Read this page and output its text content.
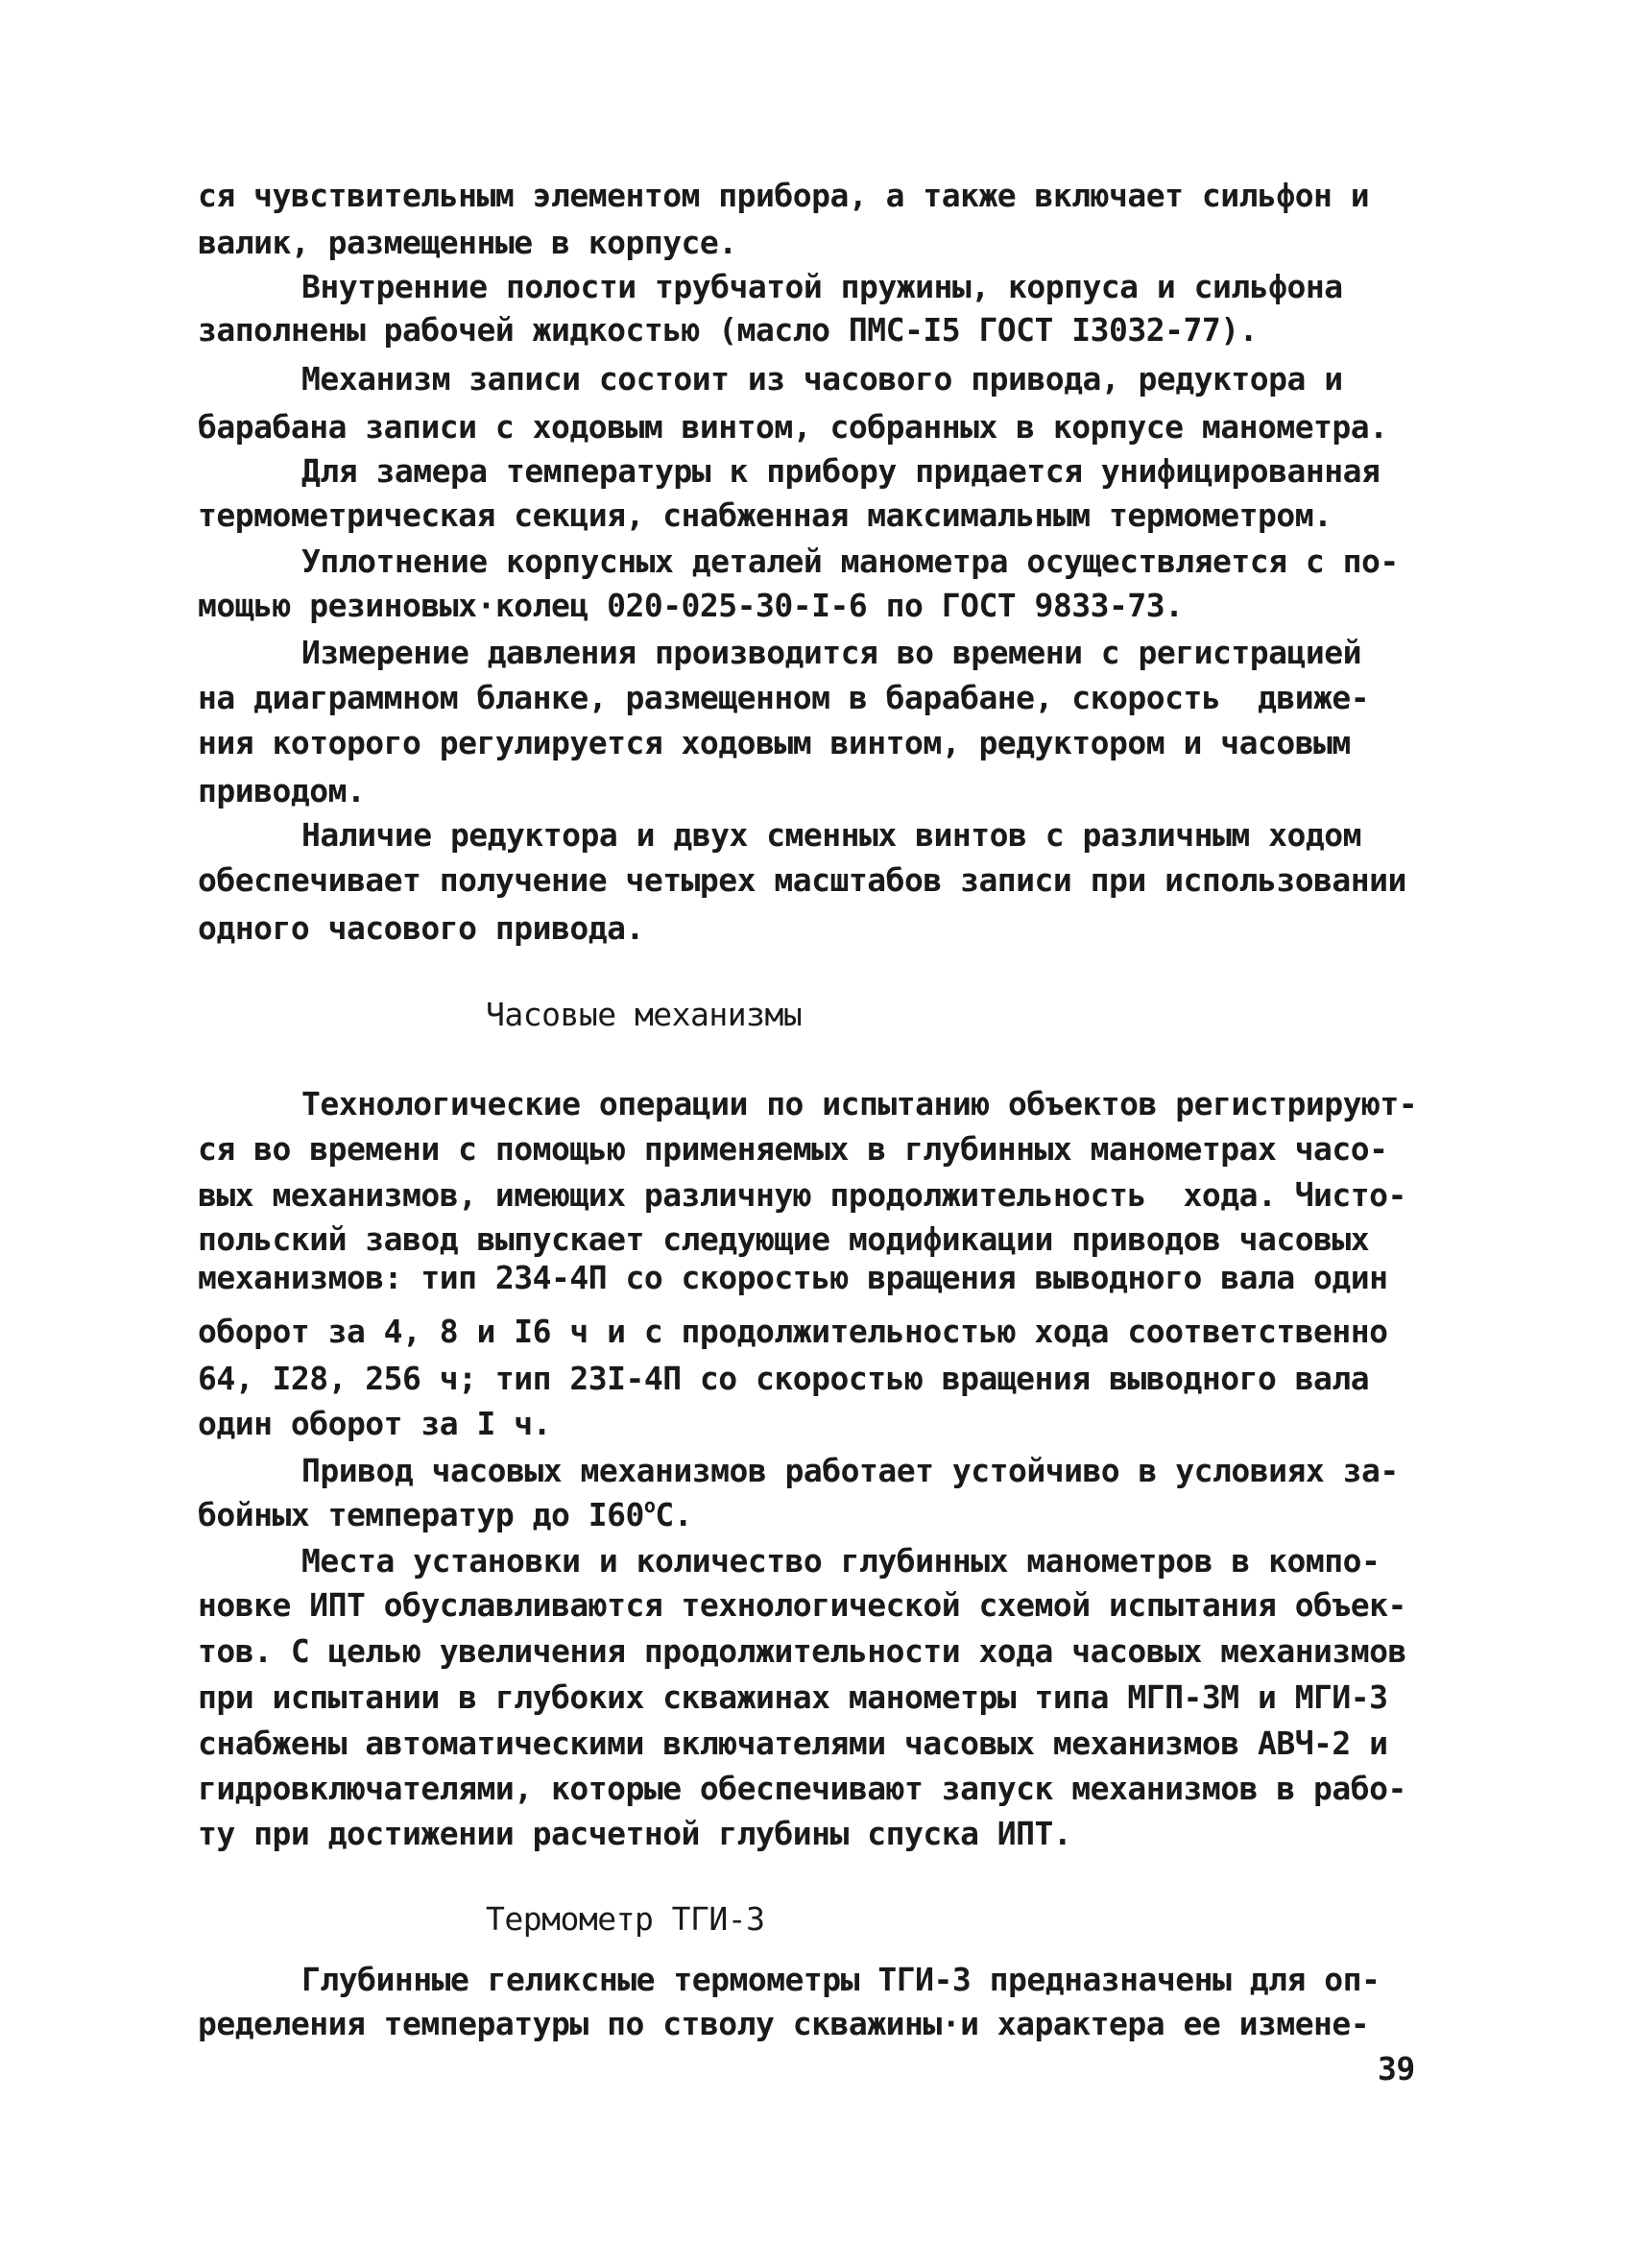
ся чувствительным элементом прибора, а также включает сильфон и
валик, размещенные в корпусе.
Внутренние полости трубчатой пружины, корпуса и сильфона
заполнены рабочей жидкостью (масло ПМС-I5 ГОСТ I3032-77).
Механизм записи состоит из часового привода, редуктора и
барабана записи с ходовым винтом, собранных в корпусе манометра.
Для замера температуры к прибору придается унифицированная
термометрическая секция, снабженная максимальным термометром.
Уплотнение корпусных деталей манометра осуществляется с по-
мощью резиновых·колец 020-025-30-I-6 по ГОСТ 9833-73.
Измерение давления производится во времени с регистрацией
на диаграммном бланке, размещенном в барабане, скорость  движе-
ния которого регулируется ходовым винтом, редуктором и часовым
приводом.
Наличие редуктора и двух сменных винтов с различным ходом
обеспечивает получение четырех масштабов записи при использовании
одного часового привода.
Часовые механизмы
Технологические операции по испытанию объектов регистрируют-
ся во времени с помощью применяемых в глубинных манометрах часо-
вых механизмов, имеющих различную продолжительность  хода. Чисто-
польский завод выпускает следующие модификации приводов часовых
механизмов: тип 234-4П со скоростью вращения выводного вала один
оборот за 4, 8 и I6 ч и с продолжительностью хода соответственно
64, I28, 256 ч; тип 23I-4П со скоростью вращения выводного вала
один оборот за I ч.
Привод часовых механизмов работает устойчиво в условиях за-
бойных температур до I60$^o$C.
Места установки и количество глубинных манометров в компо-
новке ИПТ обуславливаются технологической схемой испытания объек-
тов. С целью увеличения продолжительности хода часовых механизмов
при испытании в глубоких скважинах манометры типа МГП-3М и МГИ-3
снабжены автоматическими включателями часовых механизмов АВЧ-2 и
гидровключателями, которые обеспечивают запуск механизмов в рабо-
ту при достижении расчетной глубины спуска ИПТ.
Термометр ТГИ-3
Глубинные геликсные термометры ТГИ-3 предназначены для оп-
ределения температуры по стволу скважины·и характера ее измене-
39
